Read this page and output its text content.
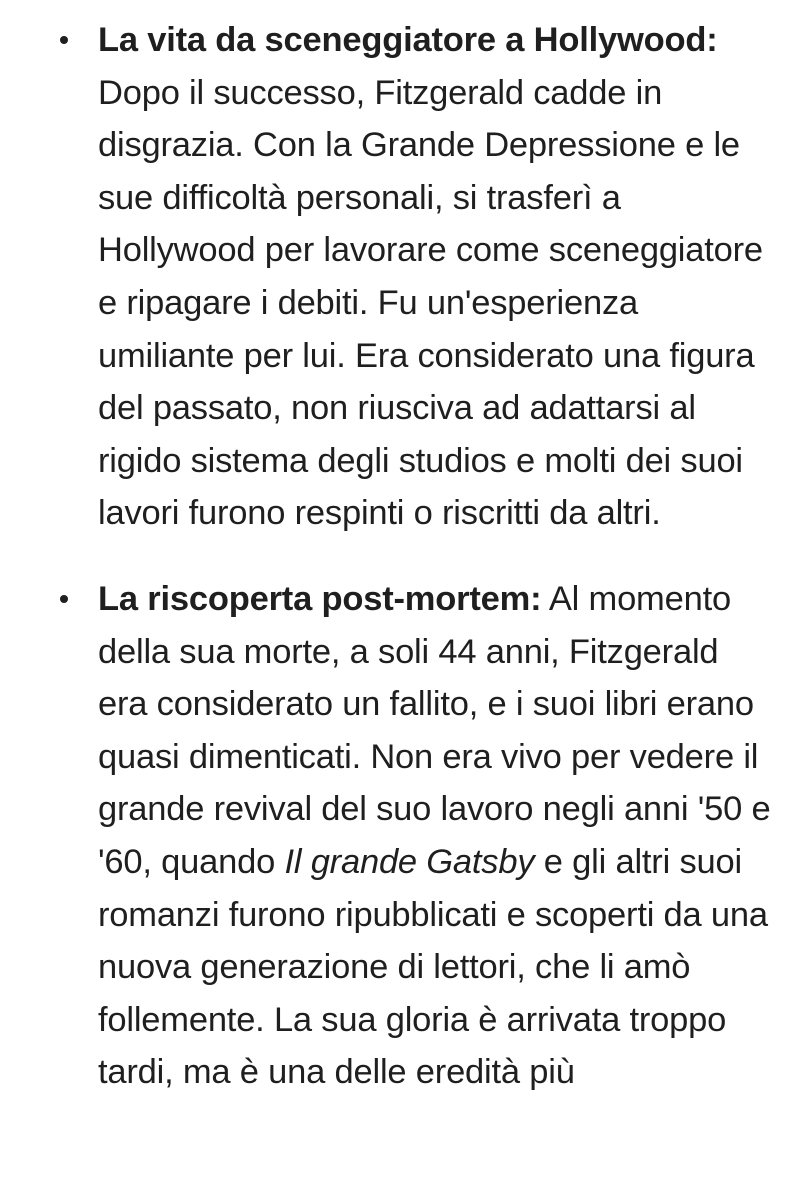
La vita da sceneggiatore a Hollywood: Dopo il successo, Fitzgerald cadde in disgrazia. Con la Grande Depressione e le sue difficoltà personali, si trasferì a Hollywood per lavorare come sceneggiatore e ripagare i debiti. Fu un'esperienza umiliante per lui. Era considerato una figura del passato, non riusciva ad adattarsi al rigido sistema degli studios e molti dei suoi lavori furono respinti o riscritti da altri.
La riscoperta post-mortem: Al momento della sua morte, a soli 44 anni, Fitzgerald era considerato un fallito, e i suoi libri erano quasi dimenticati. Non era vivo per vedere il grande revival del suo lavoro negli anni '50 e '60, quando Il grande Gatsby e gli altri suoi romanzi furono ripubblicati e scoperti da una nuova generazione di lettori, che li amò follemente. La sua gloria è arrivata troppo tardi, ma è una delle eredità più
